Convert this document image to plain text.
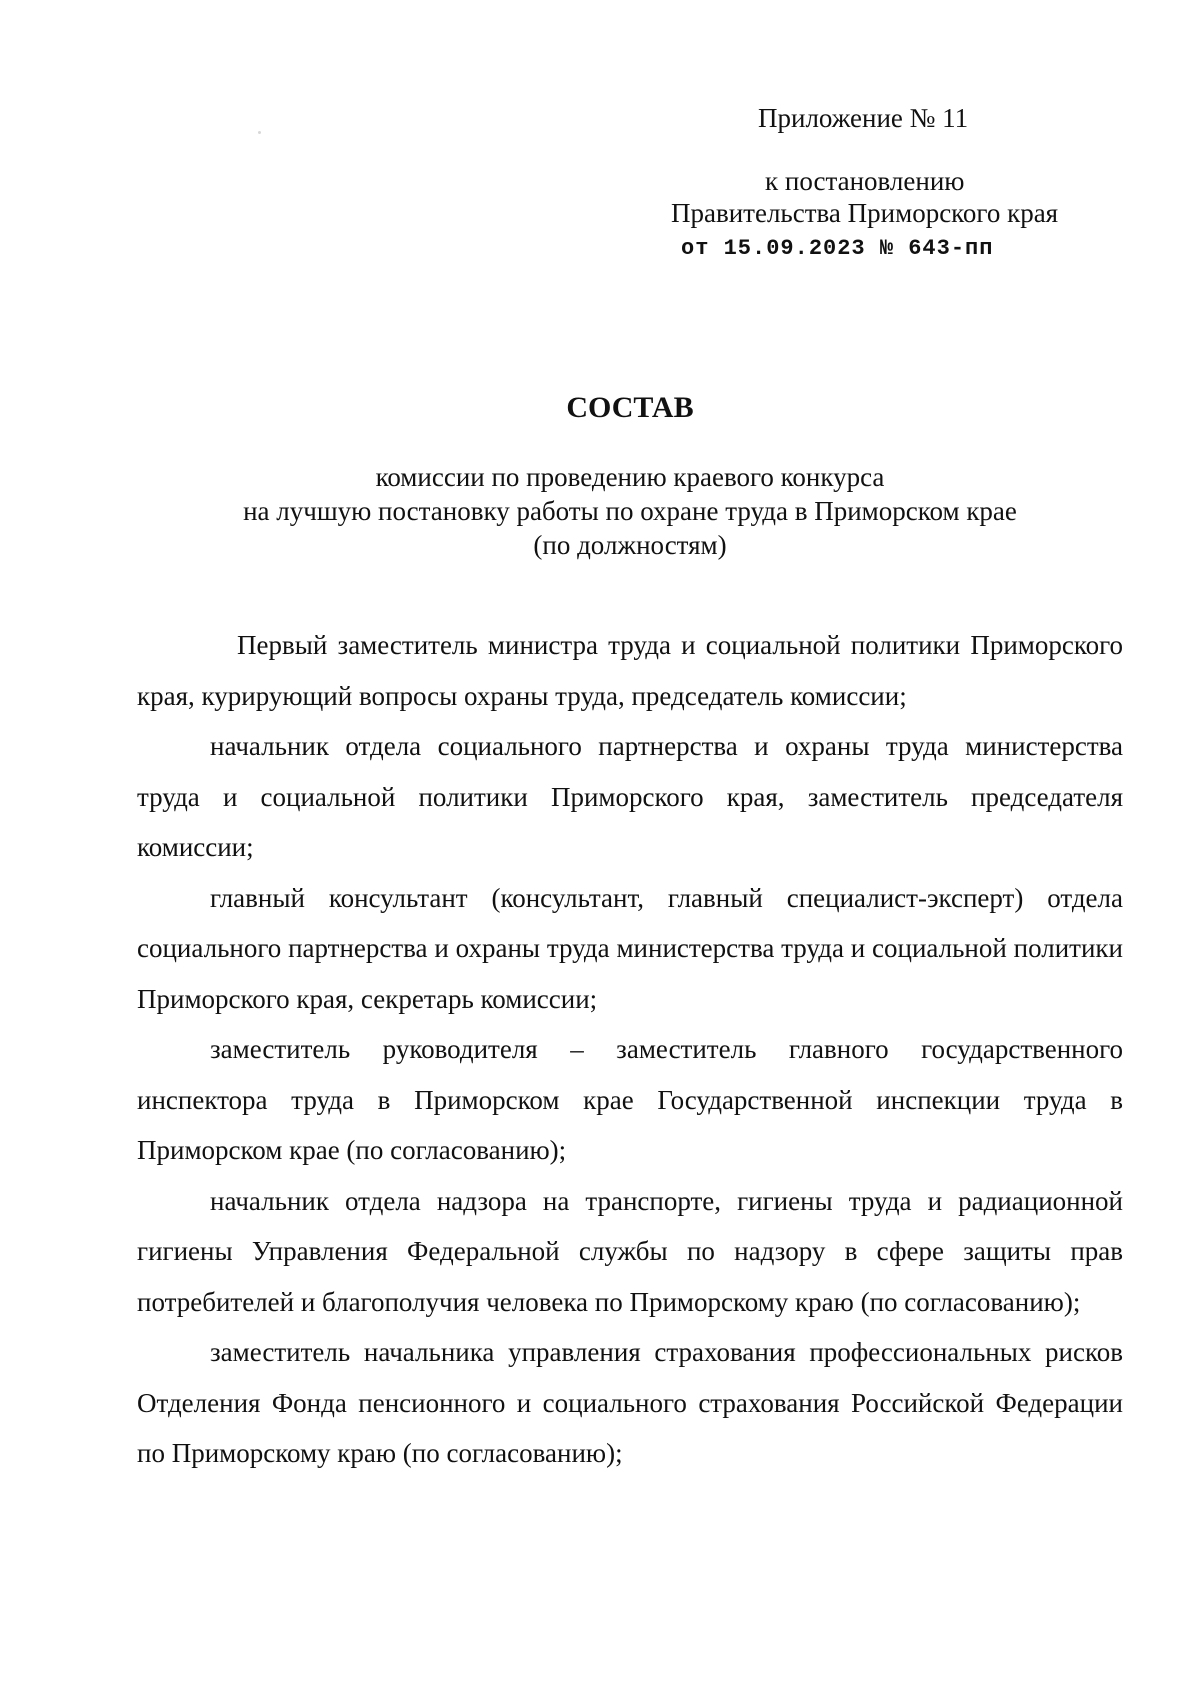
Приложение № 11
к постановлению
Правительства Приморского края
от 15.09.2023 № 643-пп
СОСТАВ
комиссии по проведению краевого конкурса
на лучшую постановку работы по охране труда в Приморском крае
(по должностям)

Первый заместитель министра труда и социальной политики Приморского края, курирующий вопросы охраны труда, председатель комиссии;

начальник отдела социального партнерства и охраны труда министерства труда и социальной политики Приморского края, заместитель председателя комиссии;

главный консультант (консультант, главный специалист-эксперт) отдела социального партнерства и охраны труда министерства труда и социальной политики Приморского края, секретарь комиссии;

заместитель руководителя – заместитель главного государственного инспектора труда в Приморском крае Государственной инспекции труда в Приморском крае (по согласованию);

начальник отдела надзора на транспорте, гигиены труда и радиационной гигиены Управления Федеральной службы по надзору в сфере защиты прав потребителей и благополучия человека по Приморскому краю (по согласованию);

заместитель начальника управления страхования профессиональных рисков Отделения Фонда пенсионного и социального страхования Российской Федерации по Приморскому краю (по согласованию);
